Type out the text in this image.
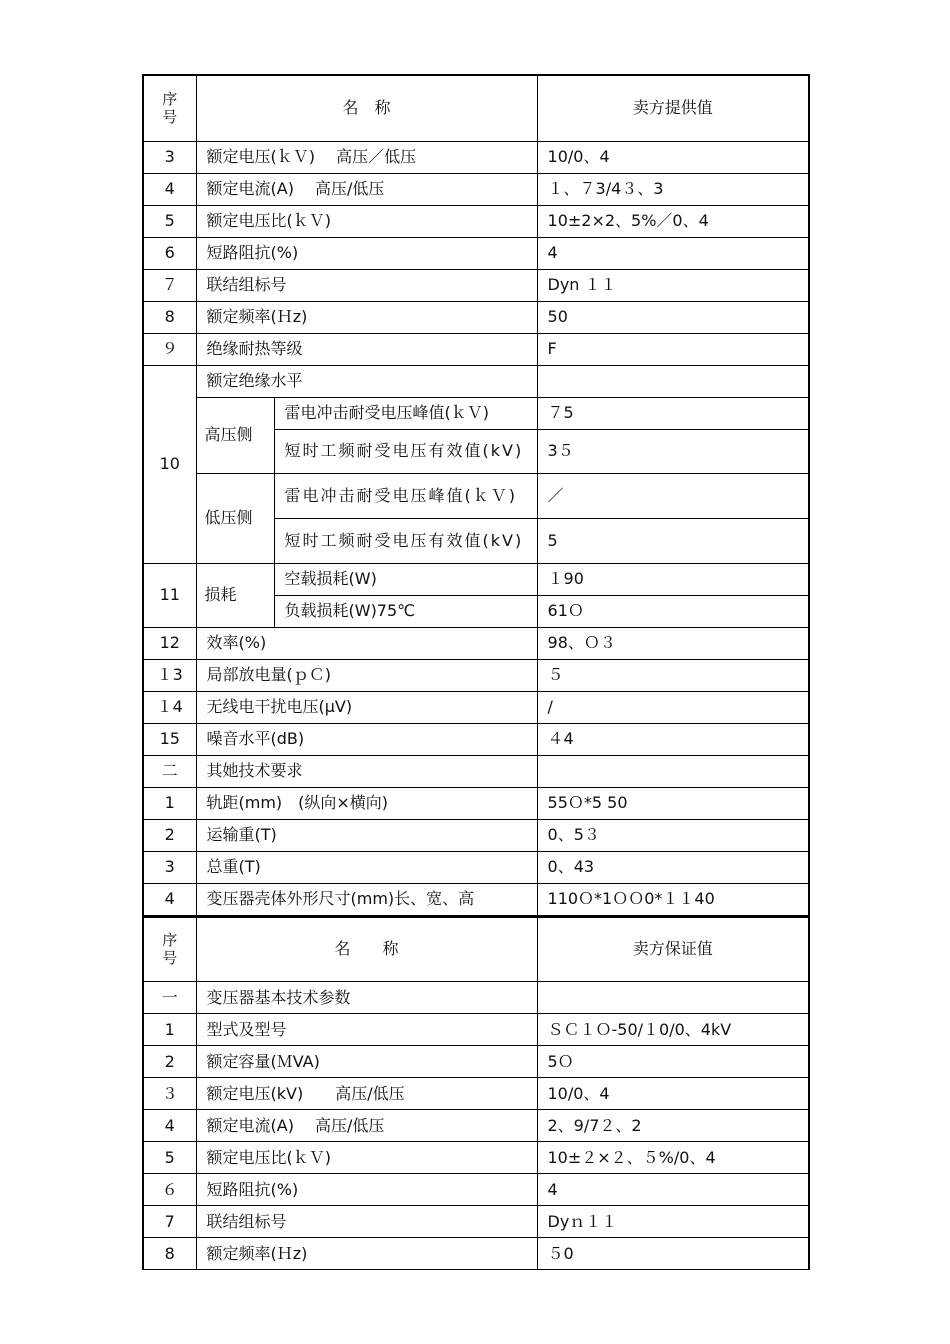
序
号	名　称		卖方提供值
3	额定电压(ｋＶ)　 高压／低压		10/0、4
4	额定电流(A)　 高压/低压		１、７3/4３、3
5	额定电压比(ｋＶ)		10±2×2、5%／0、4
6	短路阻抗(%)		4
７	联结组标号		Dyn １１
8	额定频率(Ｈz)		50
９	绝缘耐热等级		F
10	额定绝缘水平		
	高压侧	雷电冲击耐受电压峰值(ｋＶ)	７5
		短时工频耐受电压有效值(kV)	3５
	低压侧	雷电冲击耐受电压峰值(ｋＶ)	／
		短时工频耐受电压有效值(kV)	5
11	损耗	空载损耗(W)	１90
		负载损耗(W)75℃	61Ｏ
12	效率(%)		98、Ｏ３
１3	局部放电量(ｐＣ)		５
１4	无线电干扰电压(μV)		/
15	噪音水平(dB)		４4
二	其她技术要求		
1	轨距(mm)　(纵向×横向)		55Ｏ*5 50
2	运输重(T)		0、5３
3	总重(T)		0、43
4	变压器壳体外形尺寸(mm)长、宽、高		110Ｏ*1ＯＯ0*１１40
序
号	名　　称	卖方保证值
一	变压器基本技术参数	
1	型式及型号	ＳＣ１Ｏ-50/１0/0、4kV
2	额定容量(ＭVA)	5Ｏ
３	额定电压(kV)　　高压/低压	10/0、4
4	额定电流(A)　 高压/低压	2、9/7２、2
5	额定电压比(ｋＶ)	10±２×２、５%/0、4
６	短路阻抗(%)	4
7	联结组标号	Dyｎ１１
8	额定频率(Ｈz)	５0
